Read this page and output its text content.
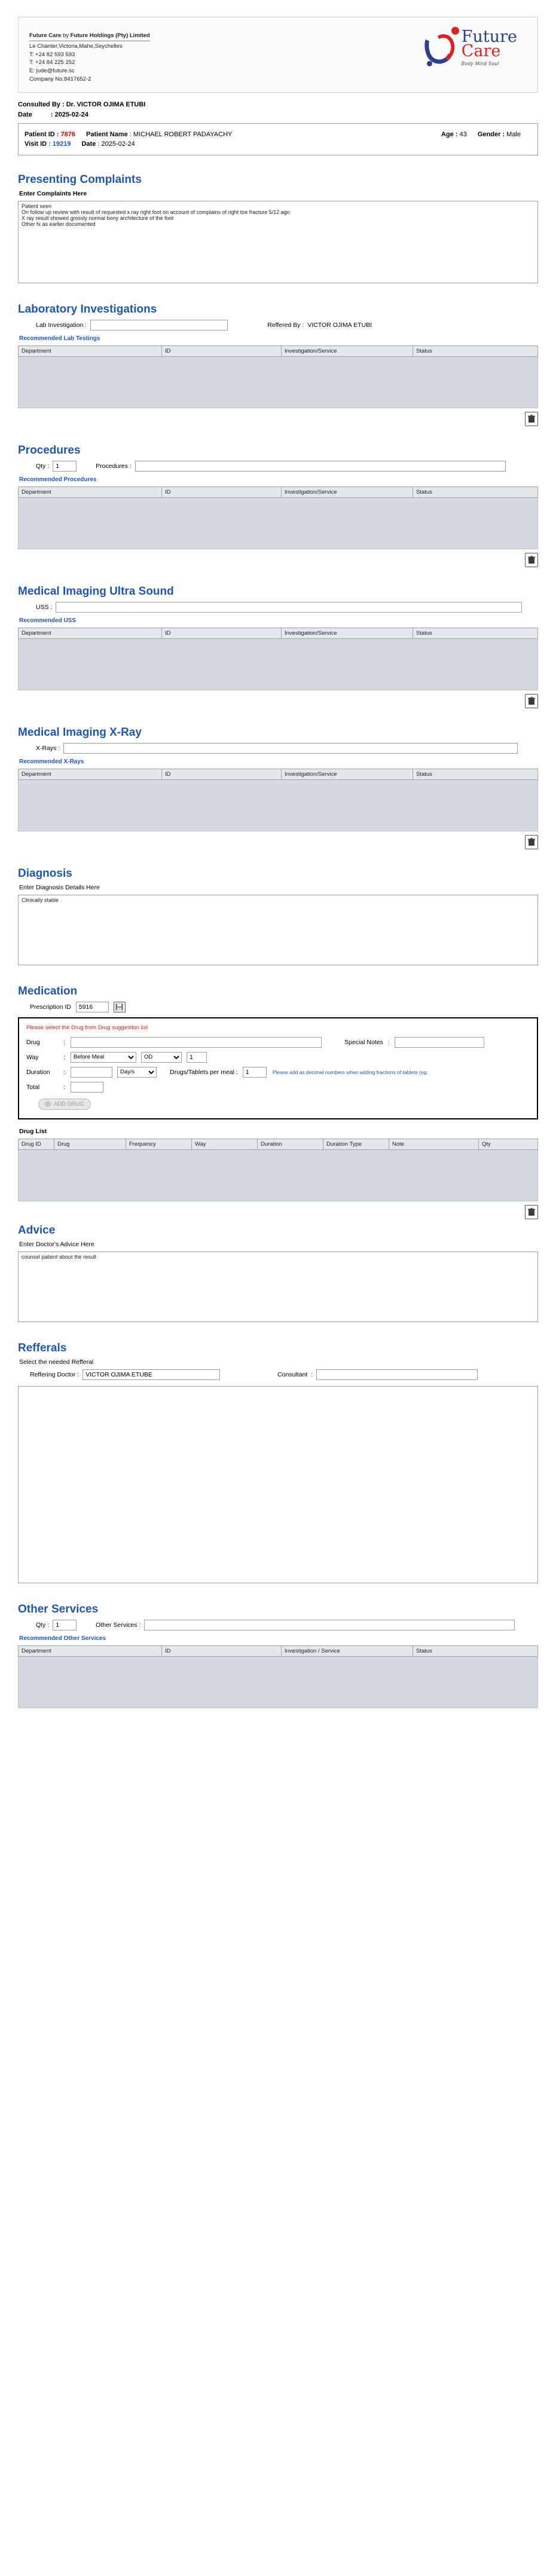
Future Care by Future Holdings (Pty) Limited
Le Chanter,Victoria,Mahe,Seychelles
T: +24 82 593 593
T: +24 84 225 252
E: jude@future.sc
Company No.8417652-2
Future
Care
Body Mind Soul
Consulted By : Dr. VICTOR OJIMA ETUBI
Date	: 2025-02-24
Patient ID : 7876 Patient Name : MICHAEL ROBERT PADAYACHY	Age : 43 Gender : Male
Visit ID : 19219 Date : 2025-02-24
Presenting Complaints
Enter Complaints Here
Patient seen On follow up review with result of requested x ray right foot on account of complains of right toe fracture 5/12 ago X ray result showed grossly normal bony architecture of the foot Other fx as earlier documented
Laboratory Investigations
Lab Investigation :	Reffered By : VICTOR OJIMA ETUBI
Recommended Lab Testings
Department	ID	Investigation/Service	Status

Procedures
Qty :
1	Procedures :
Recommended Procedures
Department	ID	Investigation/Service	Status

Medical Imaging Ultra Sound
USS :
Recommended USS
Department	ID	Investigation/Service	Status

Medical Imaging X-Ray
X-Rays :
Recommended X-Rays
Department	ID	Investigation/Service	Status

Diagnosis
Enter Diagnosis Details Here
Clinically stable
Medication
Prescription ID
5916
Please select the Drug from Drug suggestion list
Drug	:	Special Notes :
Way	:
Before Meal
OD
1
Duration	:
Day/s	Drugs/Tablets per meal :
1	Please add as decimal numbers when adding fractions of tablets (eg:
Total	:
ADD DRUG
Drug List
Drug ID	Drug	Frequency	Way	Duration	Duration Type	Note	Qty

Advice
Enter Doctor's Advice Here
counsel patient about the result
Refferals
Select the needed Refferal
Reffering Doctor :
VICTOR OJIMA ETUBE	Consultant :
Other Services
Qty :
1	Other Services :
Recommended Other Services
Department	ID	Investigation / Service	Status
